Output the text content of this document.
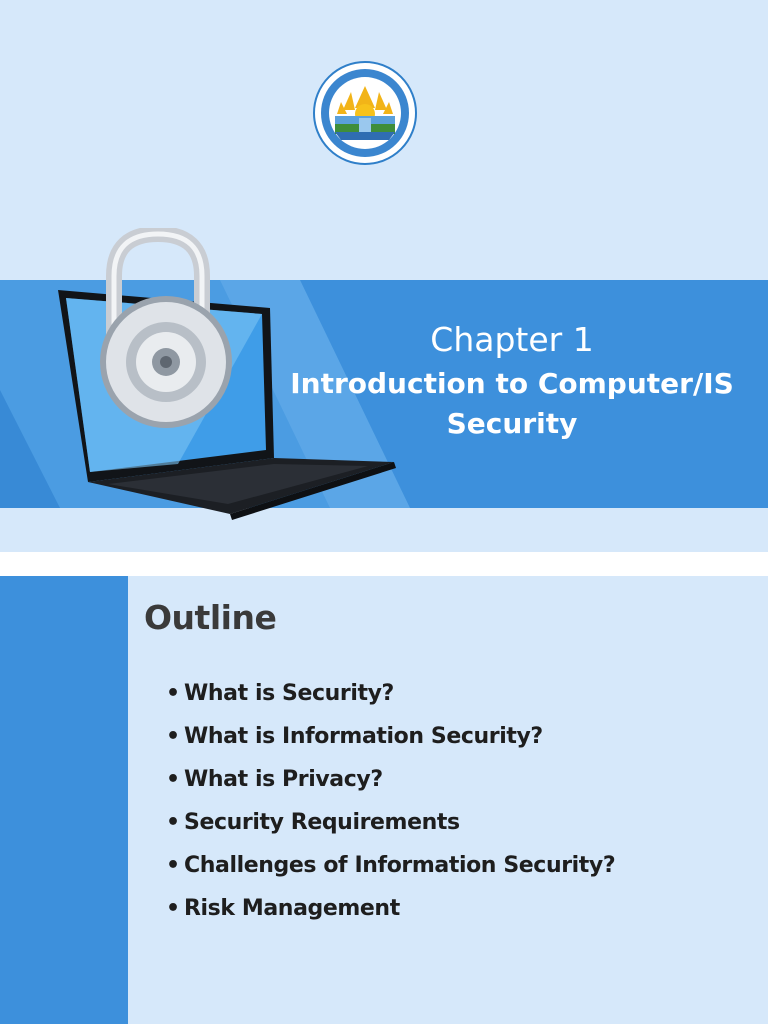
Chapter 1
Introduction to Computer/IS
Security
Outline
• What is Security?
• What is Information Security?
• What is Privacy?
• Security Requirements
• Challenges of Information Security?
• Risk Management
